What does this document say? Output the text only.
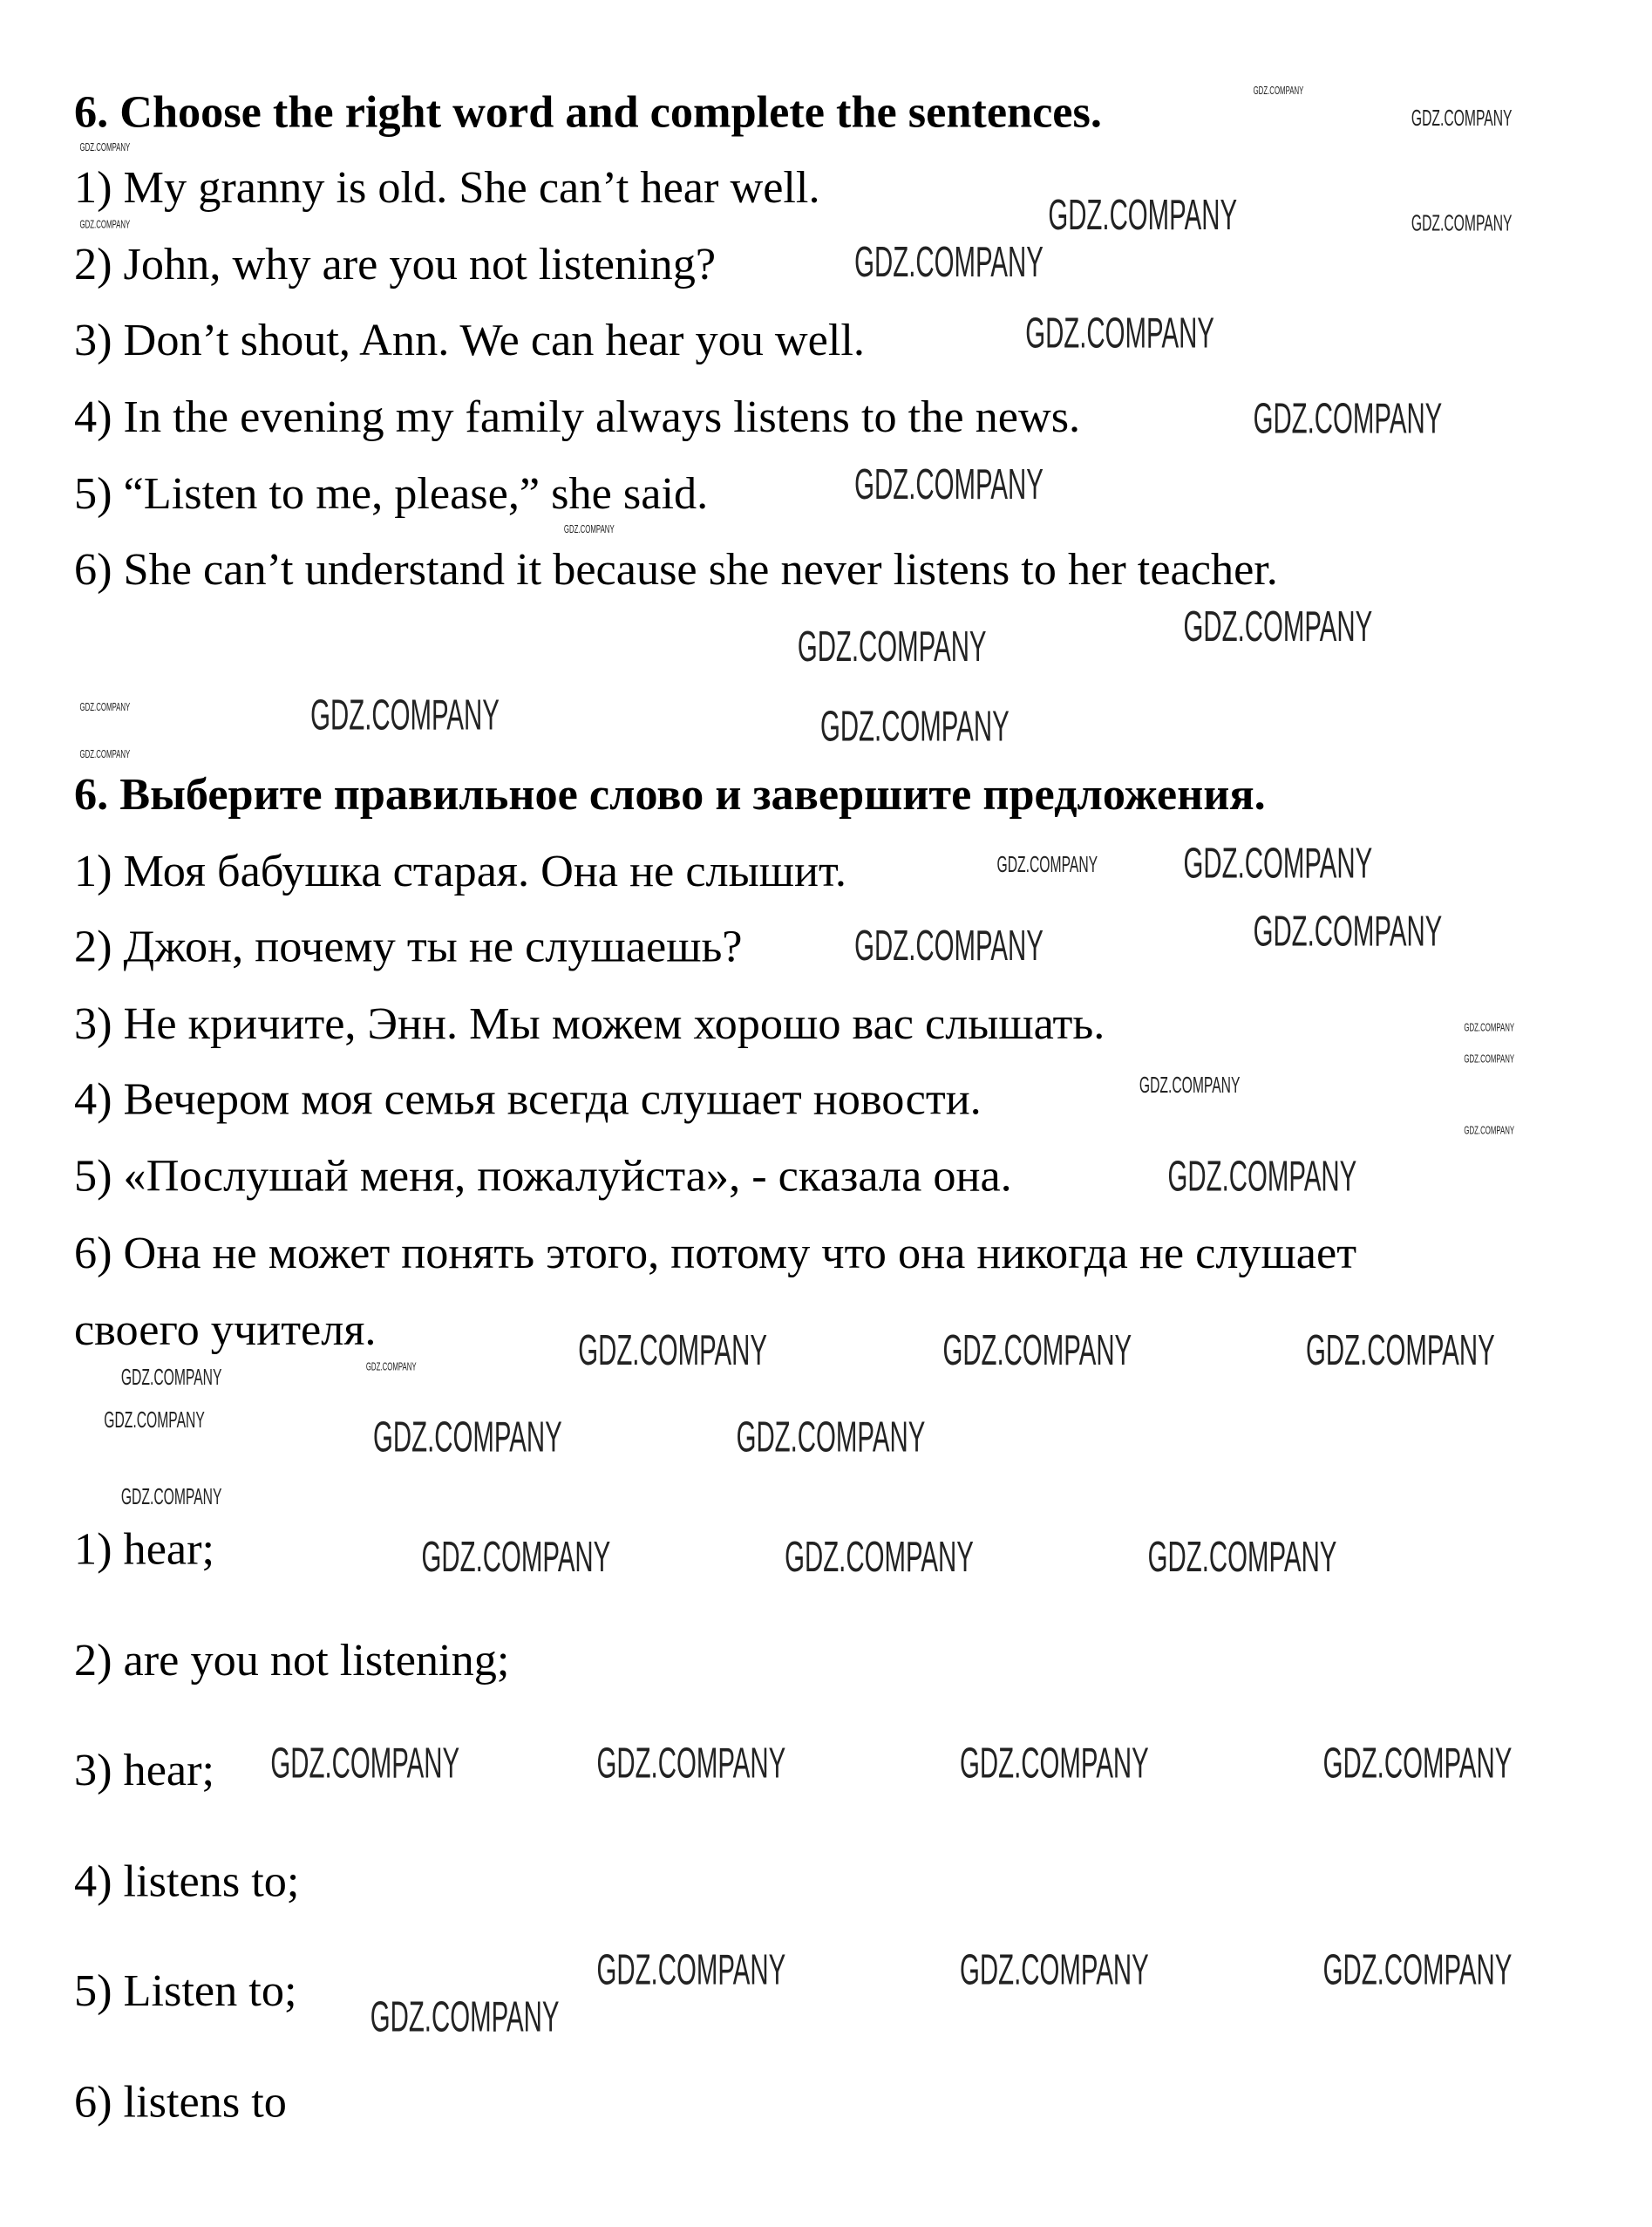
6. Choose the right word and complete the sentences.
1) My granny is old. She can’t hear well.
2) John, why are you not listening?
3) Don’t shout, Ann. We can hear you well.
4) In the evening my family always listens to the news.
5) “Listen to me, please,” she said.
6) She can’t understand it because she never listens to her teacher.
6. Выберите правильное слово и завершите предложения.
1) Моя бабушка старая. Она не слышит.
2) Джон, почему ты не слушаешь?
3) Не кричите, Энн. Мы можем хорошо вас слышать.
4) Вечером моя семья всегда слушает новости.
5) «Послушай меня, пожалуйста», - сказала она.
6) Она не может понять этого, потому что она никогда не слушает
своего учителя.
1) hear;
2) are you not listening;
3) hear;
4) listens to;
5) Listen to;
6) listens to
GDZ.COMPANY
GDZ.COMPANY
GDZ.COMPANY
GDZ.COMPANY
GDZ.COMPANY
GDZ.COMPANY	GDZ.COMPANY
GDZ.COMPANY	GDZ.COMPANY
GDZ.COMPANY
GDZ.COMPANY
GDZ.COMPANY
GDZ.COMPANY	GDZ.COMPANY
GDZ.COMPANY
GDZ.COMPANY	GDZ.COMPANY	GDZ.COMPANY
GDZ.COMPANY	GDZ.COMPANY	GDZ.COMPANY
GDZ.COMPANY	GDZ.COMPANY	GDZ.COMPANY	GDZ.COMPANY
GDZ.COMPANY	GDZ.COMPANY	GDZ.COMPANY
GDZ.COMPANY
GDZ.COMPANY
GDZ.COMPANY
GDZ.COMPANY
GDZ.COMPANY
GDZ.COMPANY
GDZ.COMPANY
GDZ.COMPANY
GDZ.COMPANY
GDZ.COMPANY
GDZ.COMPANY
GDZ.COMPANY
GDZ.COMPANY
GDZ.COMPANY
GDZ.COMPANY
GDZ.COMPANY
GDZ.COMPANY
GDZ.COMPANY
